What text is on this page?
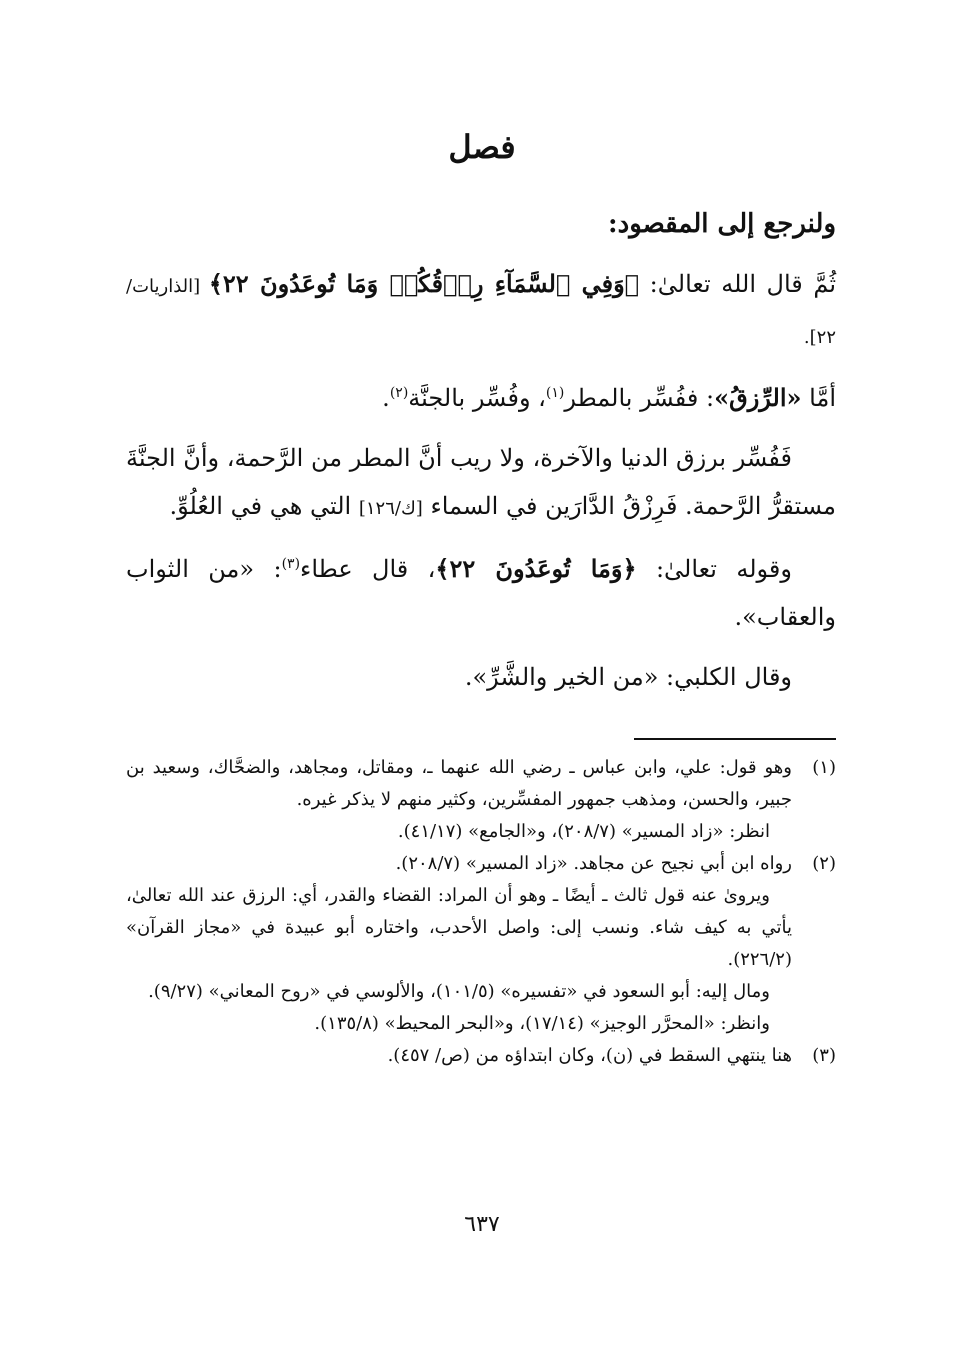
فصل

ولنرجع إلى المقصود:

ثُمَّ قال الله تعالىٰ: ﴿وَفِي ٱلسَّمَآءِ رِزۡقُكُمۡ وَمَا تُوعَدُونَ ٢٢﴾ [الذاريات/ ٢٢].

أمَّا «الرِّزقُ»: ففُسِّر بالمطر$^{(١)}$، وفُسِّر بالجنَّة$^{(٢)}$.

فَفُسِّر برزق الدنيا والآخرة، ولا ريب أنَّ المطر من الرَّحمة، وأنَّ الجنَّةَ مستقرُّ الرَّحمة. فَرِزْقُ الدَّارَين في السماء [ك/١٢٦] التي هي في العُلُوِّ.

وقوله تعالىٰ: ﴿وَمَا تُوعَدُونَ ٢٢﴾، قال عطاء$^{(٣)}$: «من الثواب والعقاب».

وقال الكلبي: «من الخير والشَّرِّ».

(١)

وهو قول: علي، وابن عباس ـ رضي الله عنهما ـ، ومقاتل، ومجاهد، والضحَّاك، وسعيد بن جبير، والحسن، ومذهب جمهور المفسِّرين، وكثير منهم لا يذكر غيره.

انظر: «زاد المسير» (٢٠٨/٧)، و«الجامع» (٤١/١٧).

(٢)

رواه ابن أبي نجيح عن مجاهد. «زاد المسير» (٢٠٨/٧).

ويروىٰ عنه قول ثالث ـ أيضًا ـ وهو أن المراد: القضاء والقدر، أي: الرزق عند الله تعالىٰ، يأتي به كيف شاء. ونسب إلى: واصل الأحدب، واختاره أبو عبيدة في «مجاز القرآن» (٢٢٦/٢).

ومال إليه: أبو السعود في «تفسيره» (١٠١/٥)، والألوسي في «روح المعاني» (٩/٢٧).

وانظر: «المحرَّر الوجيز» (١٧/١٤)، و«البحر المحيط» (١٣٥/٨).

(٣)

هنا ينتهي السقط في (ن)، وكان ابتداؤه من (ص/ ٤٥٧).

٦٣٧
